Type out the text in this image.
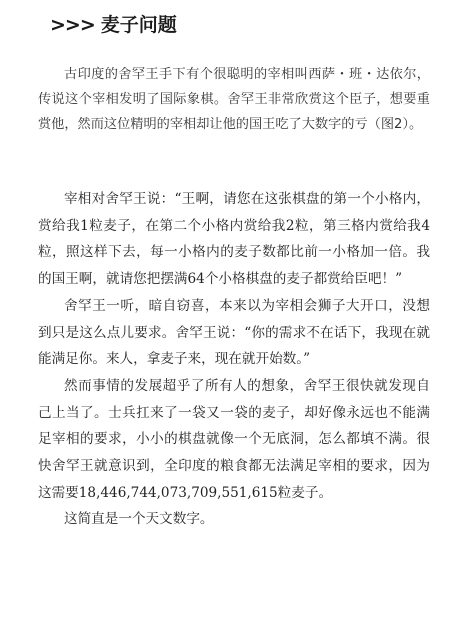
>>> 麦子问题
古印度的舍罕王手下有个很聪明的宰相叫西萨・班・达依尔，传说这个宰相发明了国际象棋。舍罕王非常欣赏这个臣子，想要重赏他，然而这位精明的宰相却让他的国王吃了大数字的亏（图2）。

宰相对舍罕王说：“王啊，请您在这张棋盘的第一个小格内，赏给我1粒麦子，在第二个小格内赏给我2粒，第三格内赏给我4粒，照这样下去，每一小格内的麦子数都比前一小格加一倍。我的国王啊，就请您把摆满64个小格棋盘的麦子都赏给臣吧！”

舍罕王一听，暗自窃喜，本来以为宰相会狮子大开口，没想到只是这么点儿要求。舍罕王说：“你的需求不在话下，我现在就能满足你。来人，拿麦子来，现在就开始数。”

然而事情的发展超乎了所有人的想象，舍罕王很快就发现自己上当了。士兵扛来了一袋又一袋的麦子，却好像永远也不能满足宰相的要求，小小的棋盘就像一个无底洞，怎么都填不满。很快舍罕王就意识到，全印度的粮食都无法满足宰相的要求，因为这需要18,446,744,073,709,551,615粒麦子。

这简直是一个天文数字。
